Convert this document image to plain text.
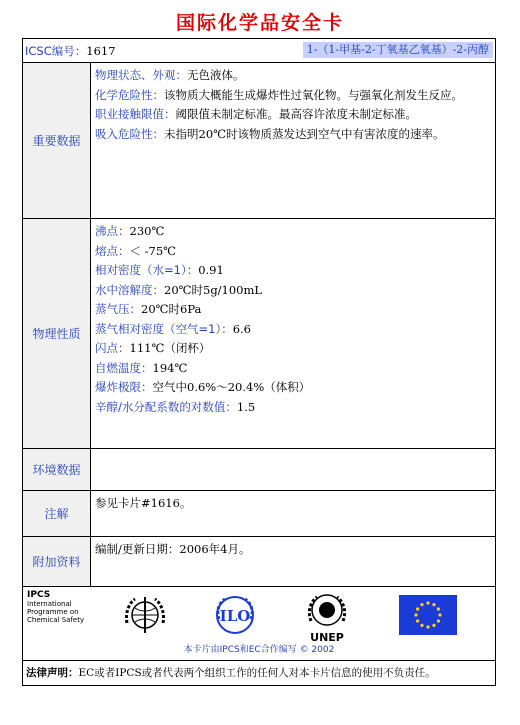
国际化学品安全卡
ICSC编号：1617	1-（1-甲基-2-丁氧基乙氧基）-2-丙醇
重要数据
物理状态、外观：无色液体。
化学危险性：该物质大概能生成爆炸性过氧化物。与强氧化剂发生反应。
职业接触限值：阈限值未制定标准。最高容许浓度未制定标准。
吸入危险性：未指明20℃时该物质蒸发达到空气中有害浓度的速率。
物理性质
沸点：230℃
熔点：＜ -75℃
相对密度（水=1）：0.91
水中溶解度：20℃时5g/100mL
蒸气压：20℃时6Pa
蒸气相对密度（空气=1）：6.6
闪点：111℃（闭杯）
自燃温度：194℃
爆炸极限：空气中0.6%～20.4%（体积）
辛醇/水分配系数的对数值：1.5
环境数据
注解
参见卡片#1616。
附加资料
编制/更新日期：2006年4月。
IPCS
International
Programme on
Chemical Safety	ILO
UNEP
本卡片由IPCS和EC合作编写 © 2002
法律声明：EC或者IPCS或者代表两个组织工作的任何人对本卡片信息的使用不负责任。
